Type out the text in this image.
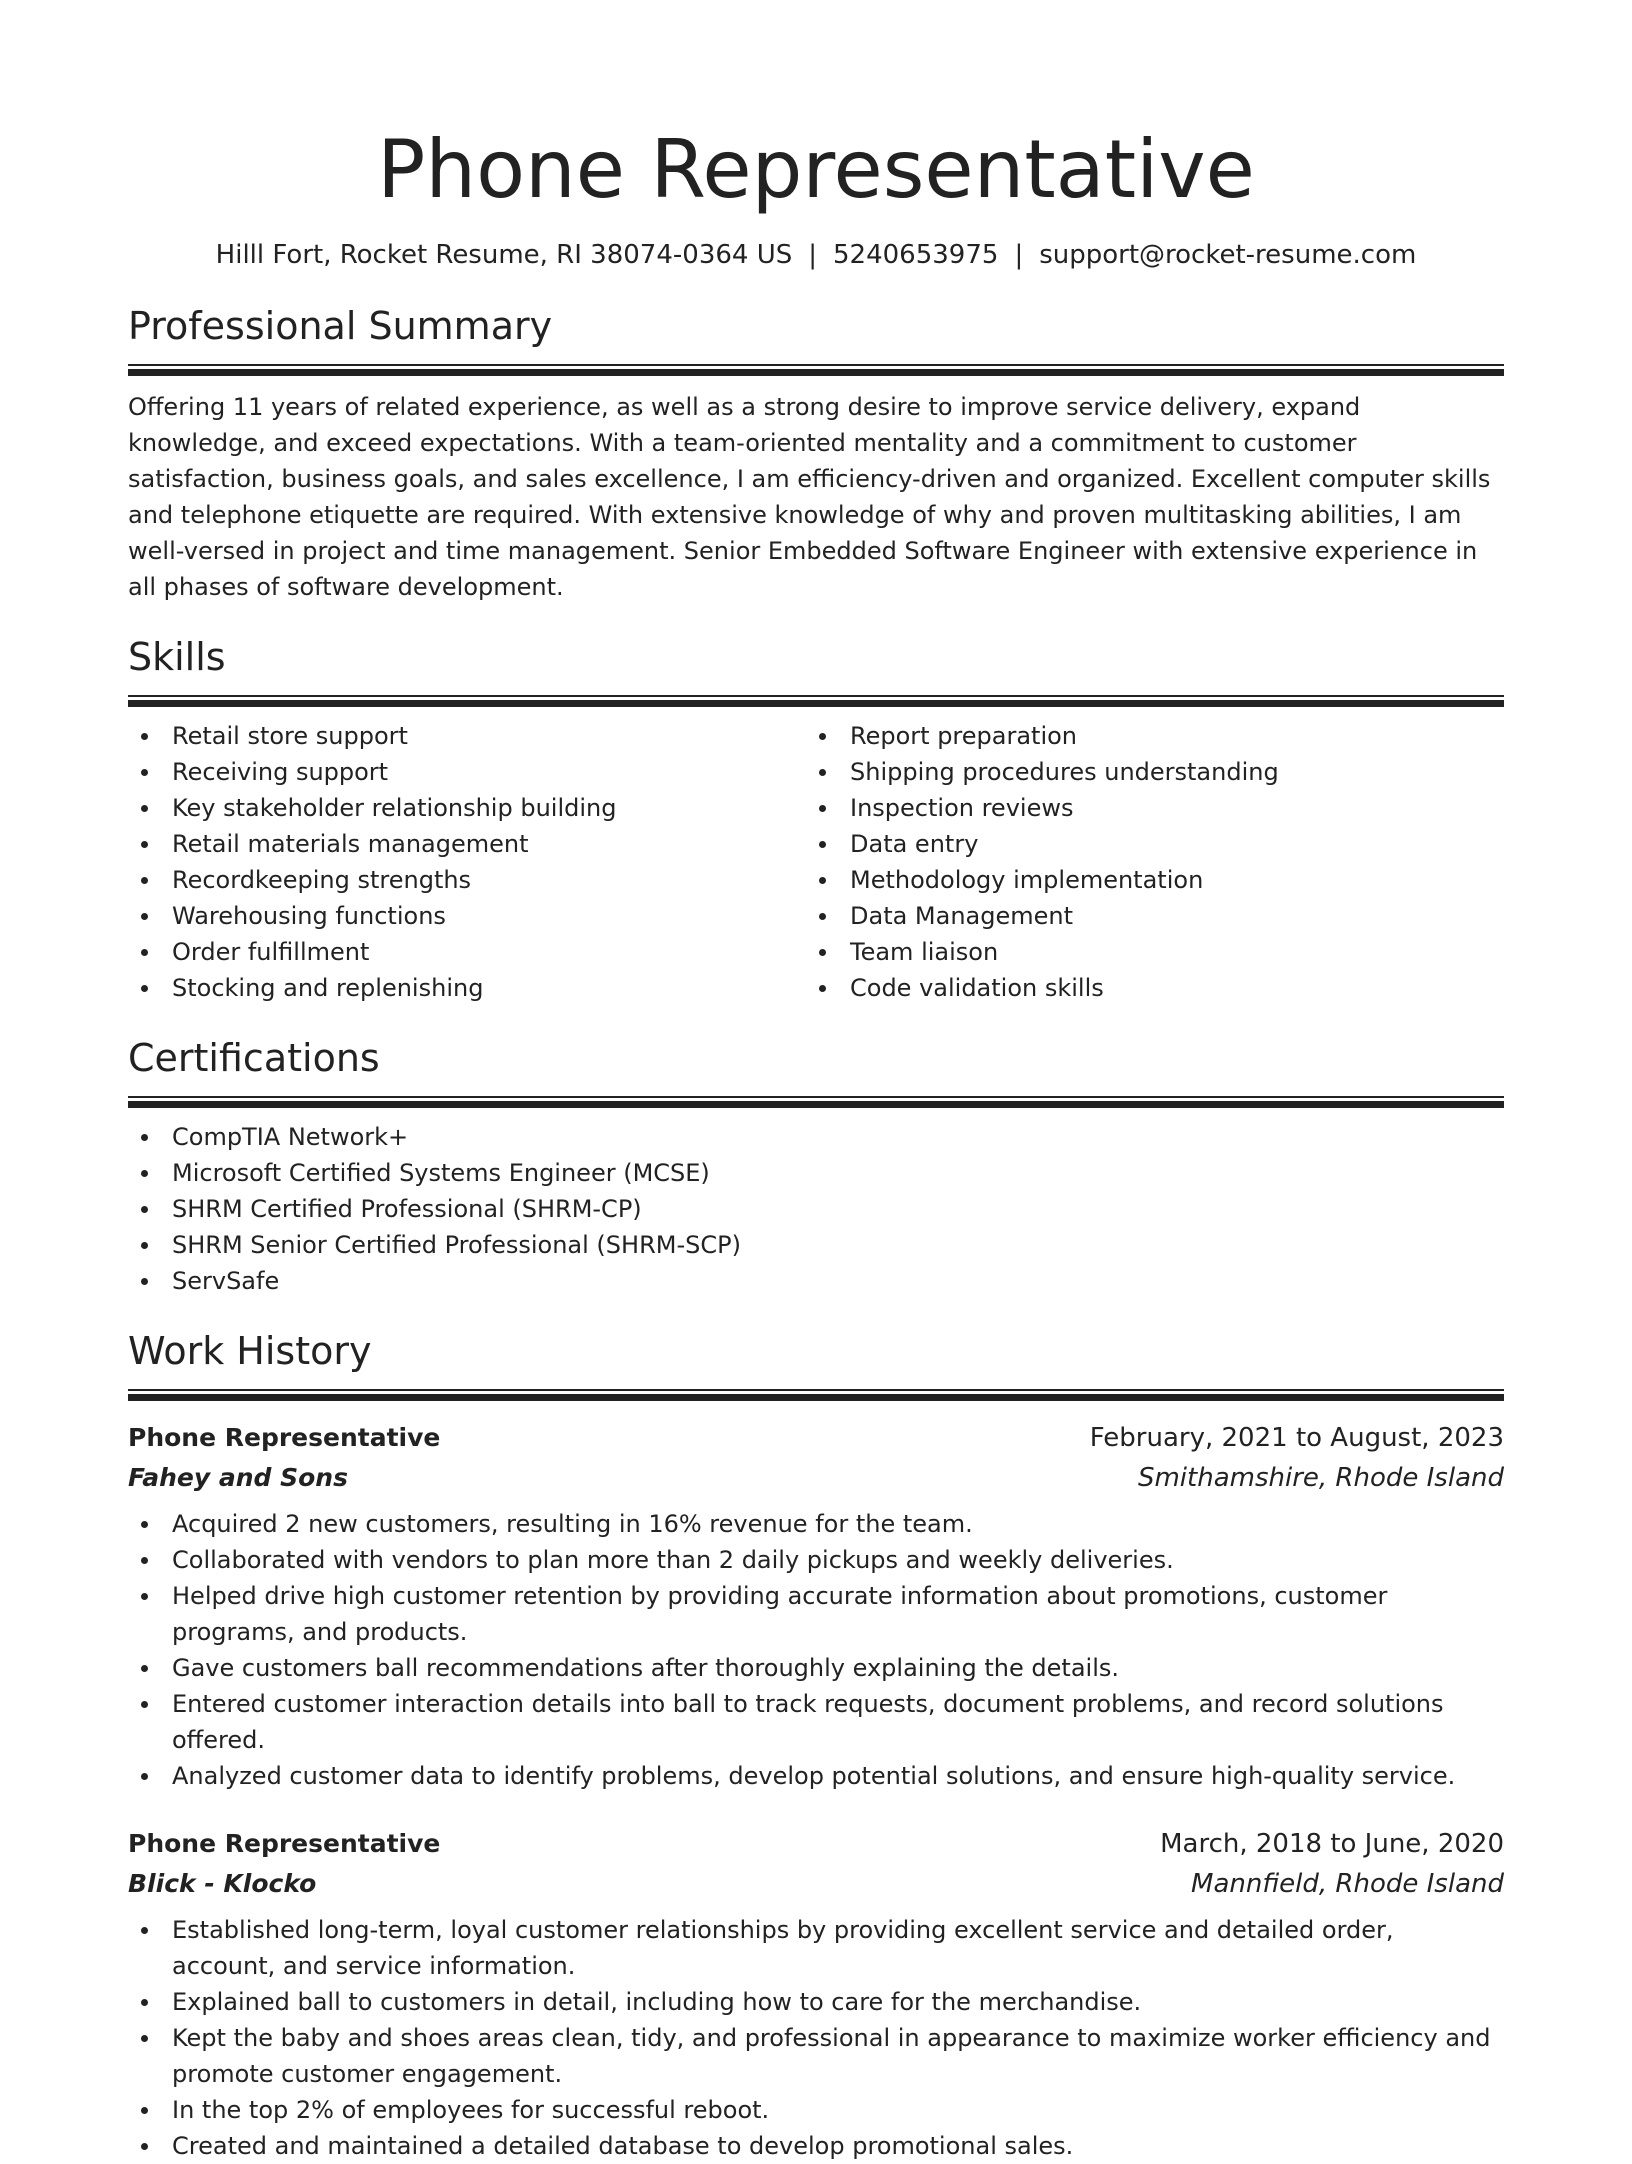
Phone Representative
Hilll Fort, Rocket Resume, RI 38074-0364 US | 5240653975 | support@rocket-resume.com
Professional Summary
Offering 11 years of related experience, as well as a strong desire to improve service delivery, expand knowledge, and exceed expectations. With a team-oriented mentality and a commitment to customer satisfaction, business goals, and sales excellence, I am efficiency-driven and organized. Excellent computer skills and telephone etiquette are required. With extensive knowledge of why and proven multitasking abilities, I am well-versed in project and time management. Senior Embedded Software Engineer with extensive experience in all phases of software development.
Skills
Retail store support
Receiving support
Key stakeholder relationship building
Retail materials management
Recordkeeping strengths
Warehousing functions
Order fulfillment
Stocking and replenishing
Report preparation
Shipping procedures understanding
Inspection reviews
Data entry
Methodology implementation
Data Management
Team liaison
Code validation skills
Certifications
CompTIA Network+
Microsoft Certified Systems Engineer (MCSE)
SHRM Certified Professional (SHRM-CP)
SHRM Senior Certified Professional (SHRM-SCP)
ServSafe
Work History
Phone Representative	February, 2021 to August, 2023
Fahey and Sons	Smithamshire, Rhode Island
Acquired 2 new customers, resulting in 16% revenue for the team.
Collaborated with vendors to plan more than 2 daily pickups and weekly deliveries.
Helped drive high customer retention by providing accurate information about promotions, customer programs, and products.
Gave customers ball recommendations after thoroughly explaining the details.
Entered customer interaction details into ball to track requests, document problems, and record solutions offered.
Analyzed customer data to identify problems, develop potential solutions, and ensure high-quality service.
Phone Representative	March, 2018 to June, 2020
Blick - Klocko	Mannfield, Rhode Island
Established long-term, loyal customer relationships by providing excellent service and detailed order, account, and service information.
Explained ball to customers in detail, including how to care for the merchandise.
Kept the baby and shoes areas clean, tidy, and professional in appearance to maximize worker efficiency and promote customer engagement.
In the top 2% of employees for successful reboot.
Created and maintained a detailed database to develop promotional sales.
